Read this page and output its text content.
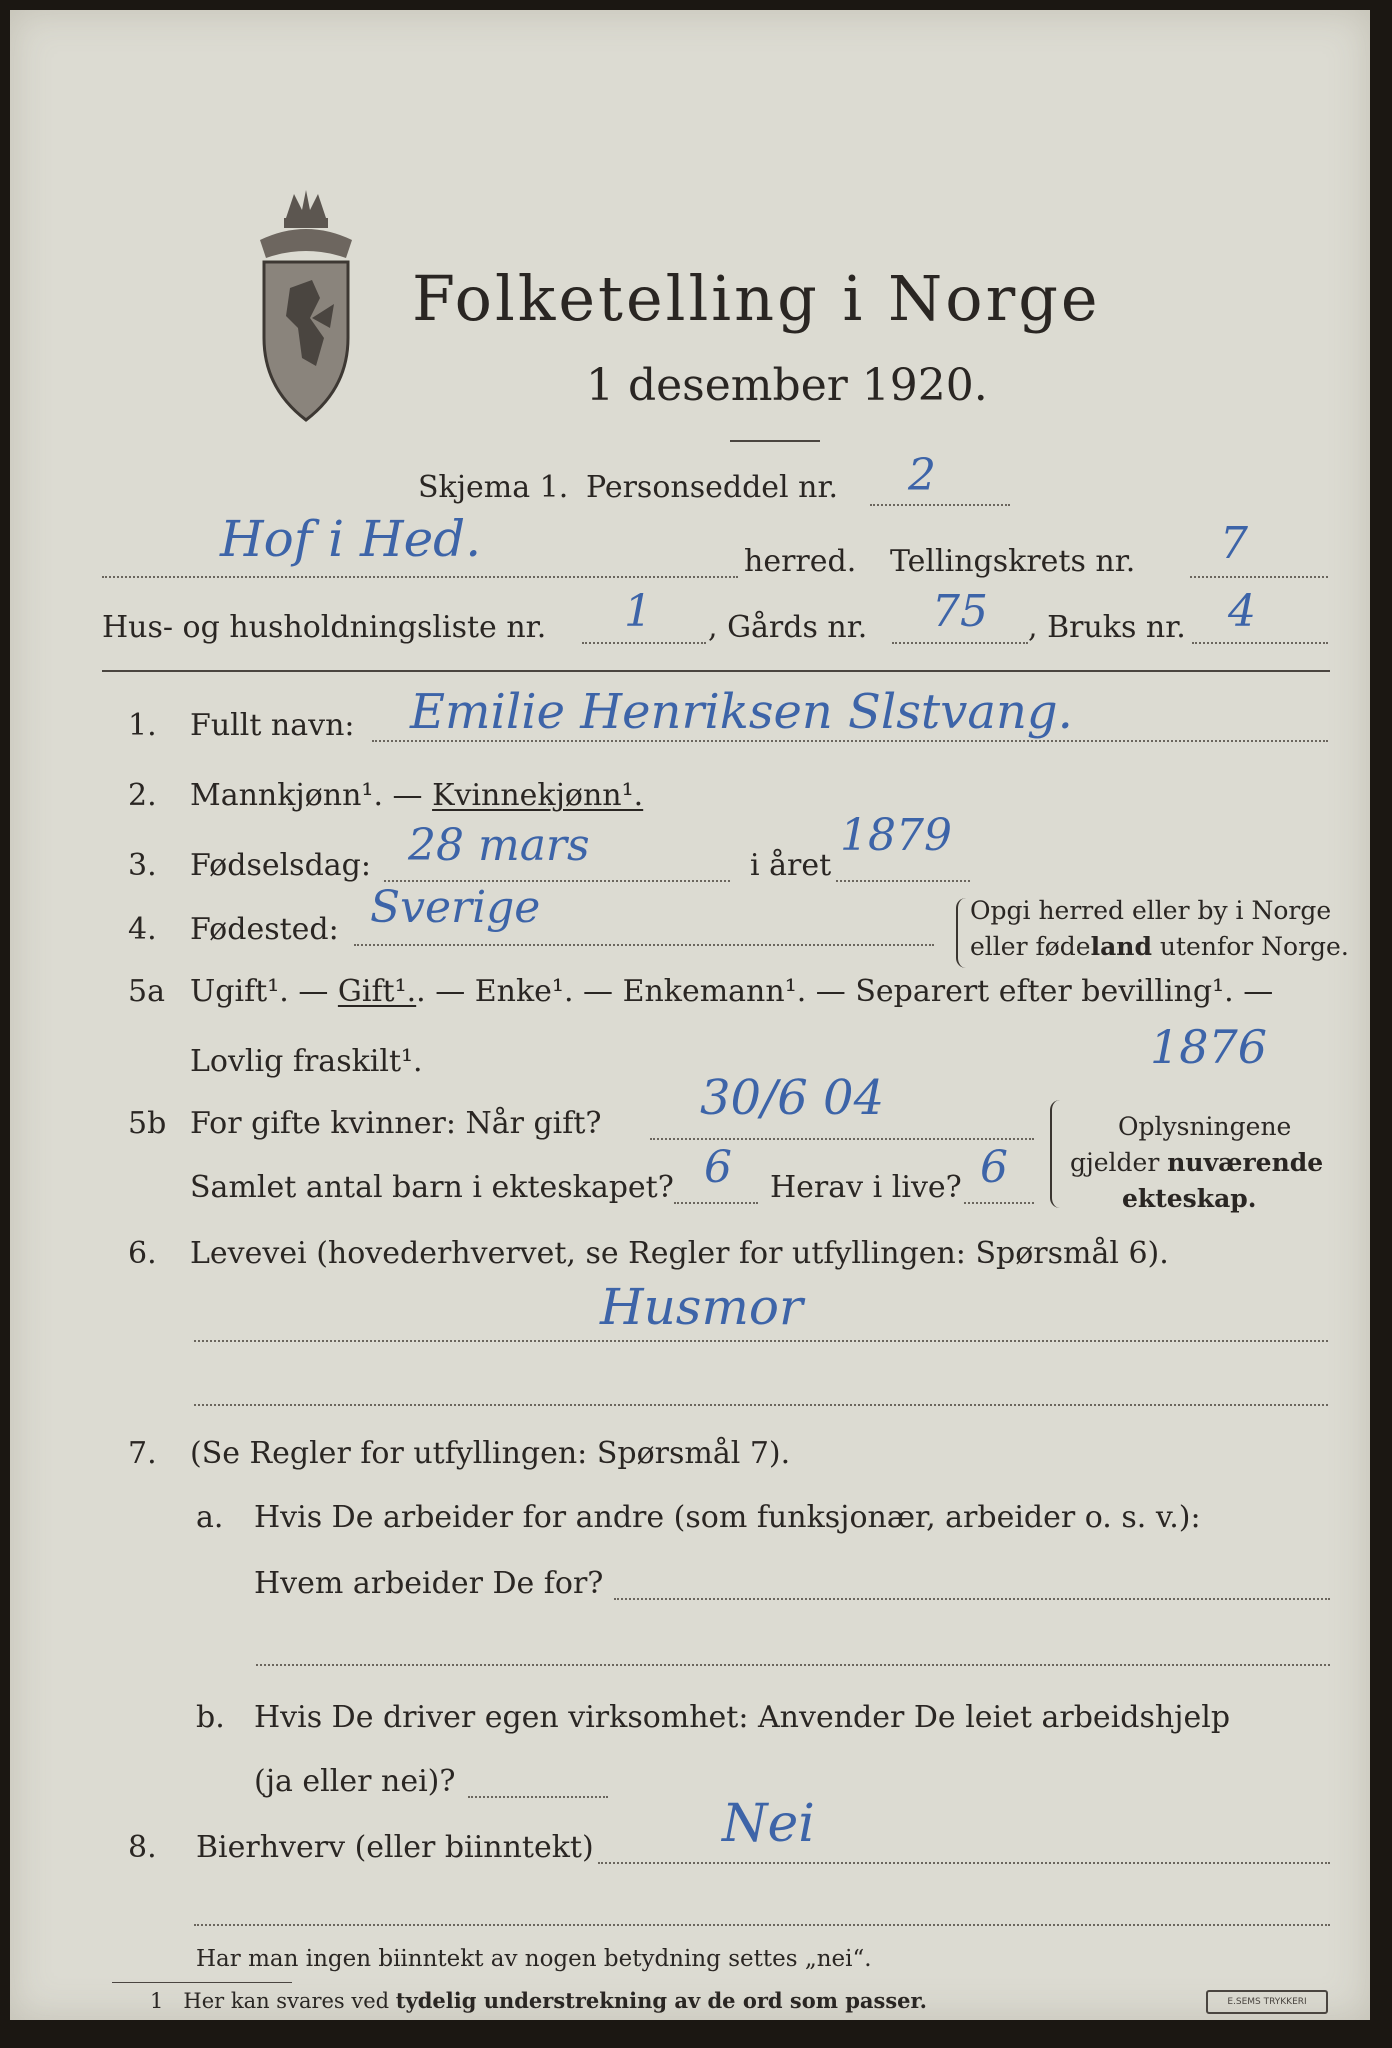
Folketelling i Norge
1 desember 1920.
Skjema 1. Personseddel nr. 2
Hof i Hed.	herred. Tellingskrets nr. 7
Hus- og husholdningsliste nr. 1 , Gårds nr. 75 , Bruks nr. 4
1. Fullt navn: Emilie Henriksen Slstvang.
2. Mannkjønn¹. — Kvinnekjønn¹.
3. Fødselsdag: 28 mars	i året
1879
4. Fødested: Sverige	Opgi herred eller by i Norge
eller fødeland utenfor Norge.
5a Ugift¹. — Gift¹.. — Enke¹. — Enkemann¹. — Separert efter bevilling¹. —
Lovlig fraskilt¹.	1876
5b For gifte kvinner: Når gift? 30/6 04
Samlet antal barn i ekteskapet? 6 Herav i live? 6
Oplysningene
gjelder nuværende
ekteskap.
6. Levevei (hovederhvervet, se Regler for utfyllingen: Spørsmål 6).
Husmor
7. (Se Regler for utfyllingen: Spørsmål 7).
a. Hvis De arbeider for andre (som funksjonær, arbeider o. s. v.):
Hvem arbeider De for?
b. Hvis De driver egen virksomhet: Anvender De leiet arbeidshjelp
(ja eller nei)?
8. Bierhverv (eller biinntekt) Nei
Har man ingen biinntekt av nogen betydning settes „nei“.
1 Her kan svares ved tydelig understrekning av de ord som passer.	E.SEMS TRYKKERI
